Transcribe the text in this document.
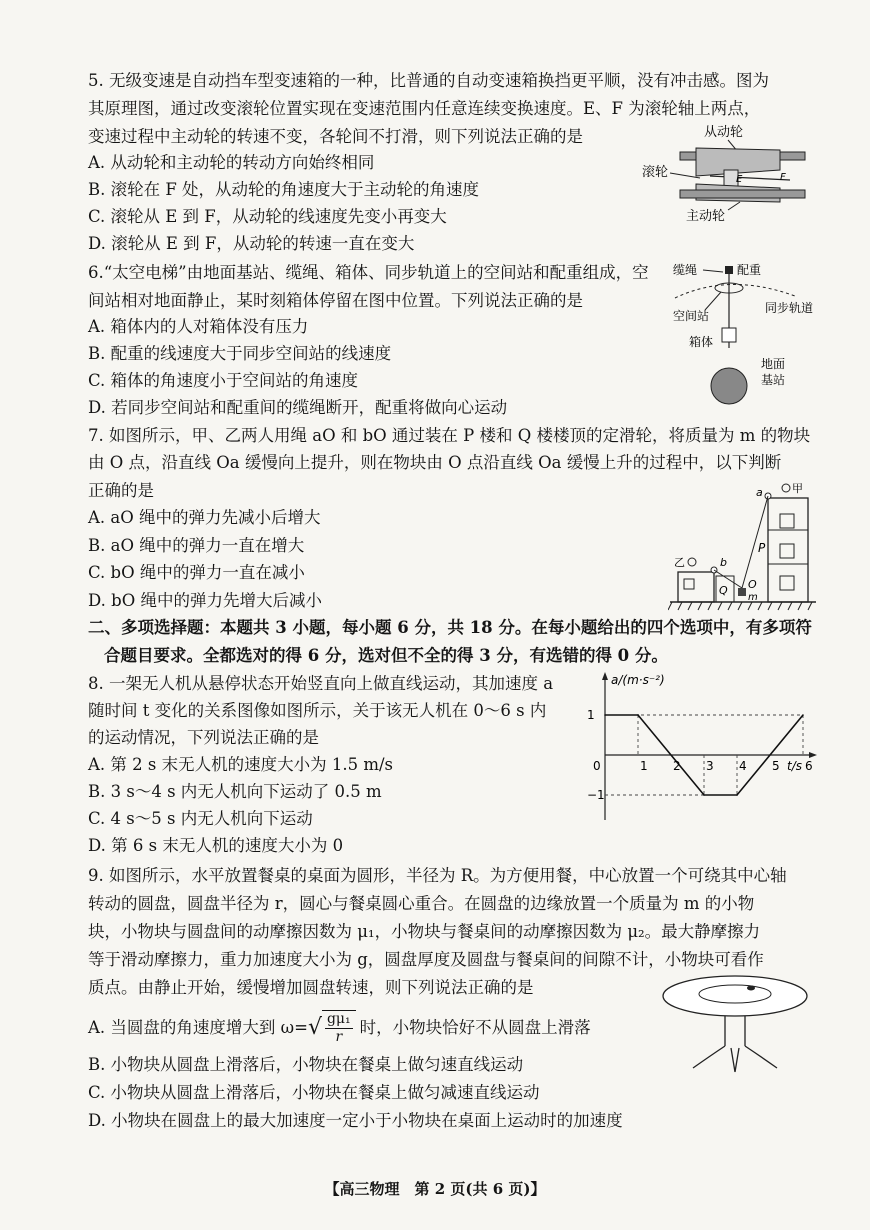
5. 无级变速是自动挡车型变速箱的一种，比普通的自动变速箱换挡更平顺，没有冲击感。图为
其原理图，通过改变滚轮位置实现在变速范围内任意连续变换速度。E、F 为滚轮轴上两点，
变速过程中主动轮的转速不变，各轮间不打滑，则下列说法正确的是
A. 从动轮和主动轮的转动方向始终相同
B. 滚轮在 F 处，从动轮的角速度大于主动轮的角速度
C. 滚轮从 E 到 F，从动轮的线速度先变小再变大
D. 滚轮从 E 到 F，从动轮的转速一直在变大
从动轮
E	F
滚轮
主动轮
6.“太空电梯”由地面基站、缆绳、箱体、同步轨道上的空间站和配重组成，空
间站相对地面静止，某时刻箱体停留在图中位置。下列说法正确的是
A. 箱体内的人对箱体没有压力
B. 配重的线速度大于同步空间站的线速度
C. 箱体的角速度小于空间站的角速度
D. 若同步空间站和配重间的缆绳断开，配重将做向心运动
缆绳	配重
空间站
同步轨道
箱体
地面
基站
7. 如图所示，甲、乙两人用绳 aO 和 bO 通过装在 P 楼和 Q 楼楼顶的定滑轮，将质量为 m 的物块
由 O 点，沿直线 Oa 缓慢向上提升，则在物块由 O 点沿直线 Oa 缓慢上升的过程中，以下判断
正确的是
A. aO 绳中的弹力先减小后增大
B. aO 绳中的弹力一直在增大
C. bO 绳中的弹力一直在减小
D. bO 绳中的弹力先增大后减小
P
甲
a
Q
乙	b
O
m
二、多项选择题：本题共 3 小题，每小题 6 分，共 18 分。在每小题给出的四个选项中，有多项符
合题目要求。全都选对的得 6 分，选对但不全的得 3 分，有选错的得 0 分。
8. 一架无人机从悬停状态开始竖直向上做直线运动，其加速度 a
随时间 t 变化的关系图像如图所示，关于该无人机在 0～6 s 内
的运动情况，下列说法正确的是
A. 第 2 s 末无人机的速度大小为 1.5 m/s
B. 3 s～4 s 内无人机向下运动了 0.5 m
C. 4 s～5 s 内无人机向下运动
D. 第 6 s 末无人机的速度大小为 0
0	1 2 3 4 5 6
1
−1
t/s
a/(m·s⁻²)
9. 如图所示，水平放置餐桌的桌面为圆形，半径为 R。为方便用餐，中心放置一个可绕其中心轴
转动的圆盘，圆盘半径为 r，圆心与餐桌圆心重合。在圆盘的边缘放置一个质量为 m 的小物
块，小物块与圆盘间的动摩擦因数为 μ₁，小物块与餐桌间的动摩擦因数为 μ₂。最大静摩擦力
等于滑动摩擦力，重力加速度大小为 g，圆盘厚度及圆盘与餐桌间的间隙不计，小物块可看作
质点。由静止开始，缓慢增加圆盘转速，则下列说法正确的是
A. 当圆盘的角速度增大到 ω= √ $\frac{\text{gμ₁}}{r}$ 时，小物块恰好不从圆盘上滑落
B. 小物块从圆盘上滑落后，小物块在餐桌上做匀速直线运动
C. 小物块从圆盘上滑落后，小物块在餐桌上做匀减速直线运动
D. 小物块在圆盘上的最大加速度一定小于小物块在桌面上运动时的加速度
【高三物理　第 2 页(共 6 页)】
